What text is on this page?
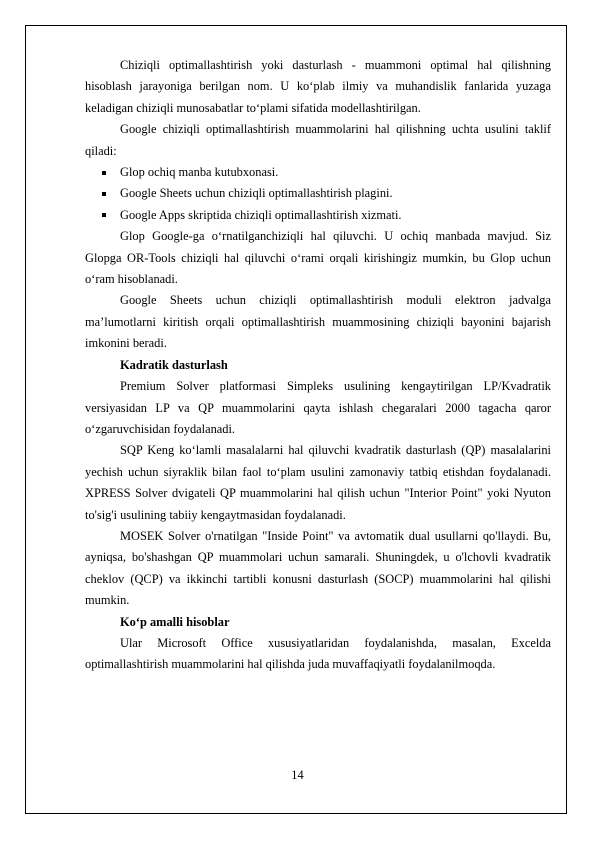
Chiziqli optimallashtirish yoki dasturlash - muammoni optimal hal qilishning hisoblash jarayoniga berilgan nom. U ko‘plab ilmiy va muhandislik fanlarida yuzaga keladigan chiziqli munosabatlar to‘plami sifatida modellashtirilgan.

Google chiziqli optimallashtirish muammolarini hal qilishning uchta usulini taklif qiladi:

Glop ochiq manba kutubxonasi.
Google Sheets uchun chiziqli optimallashtirish plagini.
Google Apps skriptida chiziqli optimallashtirish xizmati.

Glop Google-ga o‘rnatilganchiziqli hal qiluvchi. U ochiq manbada mavjud. Siz Glopga OR-Tools chiziqli hal qiluvchi o‘rami orqali kirishingiz mumkin, bu Glop uchun o‘ram hisoblanadi.

Google Sheets uchun chiziqli optimallashtirish moduli elektron jadvalga ma’lumotlarni kiritish orqali optimallashtirish muammosining chiziqli bayonini bajarish imkonini beradi.

Kadratik dasturlash

Premium Solver platformasi Simpleks usulining kengaytirilgan LP/Kvadratik versiyasidan LP va QP muammolarini qayta ishlash chegaralari 2000 tagacha qaror o‘zgaruvchisidan foydalanadi.

SQP Keng ko‘lamli masalalarni hal qiluvchi kvadratik dasturlash (QP) masalalarini yechish uchun siyraklik bilan faol to‘plam usulini zamonaviy tatbiq etishdan foydalanadi. XPRESS Solver dvigateli QP muammolarini hal qilish uchun "Interior Point" yoki Nyuton to'sig'i usulining tabiiy kengaytmasidan foydalanadi.

MOSEK Solver o'rnatilgan "Inside Point" va avtomatik dual usullarni qo'llaydi. Bu, ayniqsa, bo'shashgan QP muammolari uchun samarali. Shuningdek, u o'lchovli kvadratik cheklov (QCP) va ikkinchi tartibli konusni dasturlash (SOCP) muammolarini hal qilishi mumkin.

Ko‘p amalli hisoblar

Ular Microsoft Office xususiyatlaridan foydalanishda, masalan, Excelda optimallashtirish muammolarini hal qilishda juda muvaffaqiyatli foydalanilmoqda.

14
